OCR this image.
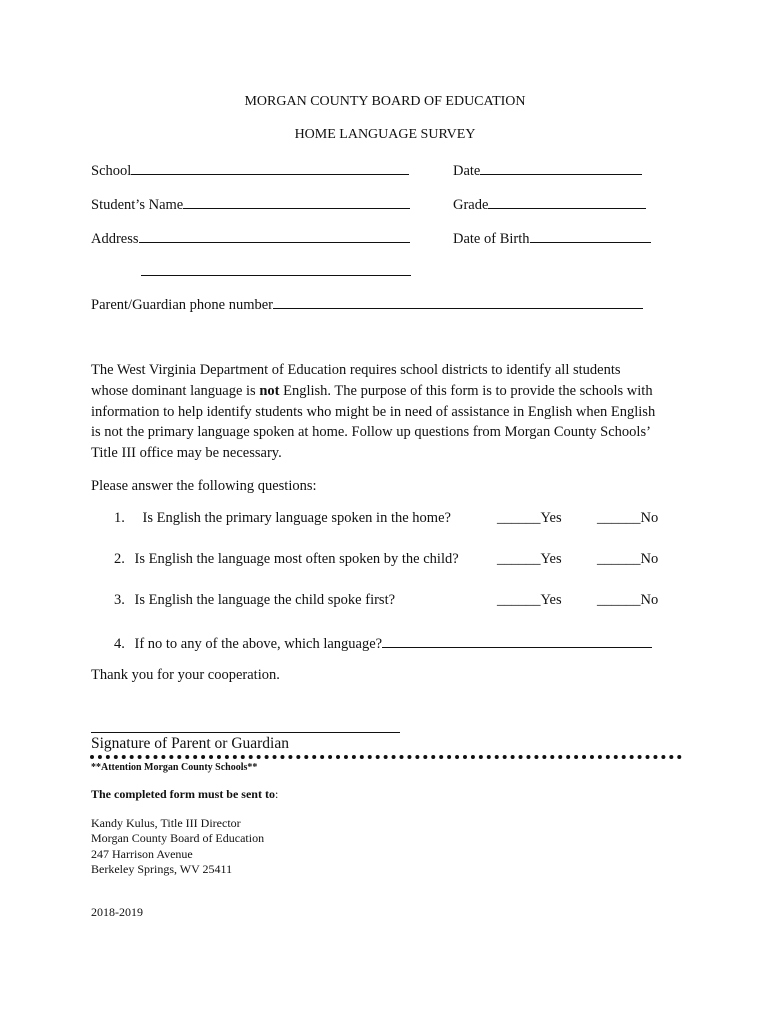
MORGAN COUNTY BOARD OF EDUCATION
HOME LANGUAGE SURVEY
School	Date
Student’s Name	Grade
Address	Date of Birth
Parent/Guardian phone number
The West Virginia Department of Education requires school districts to identify all students
whose dominant language is not English. The purpose of this form is to provide the schools with
information to help identify students who might be in need of assistance in English when English
is not the primary language spoken at home. Follow up questions from Morgan County Schools’
Title III office may be necessary.
Please answer the following questions:
1. Is English the primary language spoken in the home?	______Yes ______No
2. Is English the language most often spoken by the child?	______Yes ______No
3. Is English the language the child spoke first?	______Yes ______No
4. If no to any of the above, which language?
Thank you for your cooperation.
Signature of Parent or Guardian
**Attention Morgan County Schools**
The completed form must be sent to:
Kandy Kulus, Title III Director
Morgan County Board of Education
247 Harrison Avenue
Berkeley Springs, WV 25411
2018-2019
